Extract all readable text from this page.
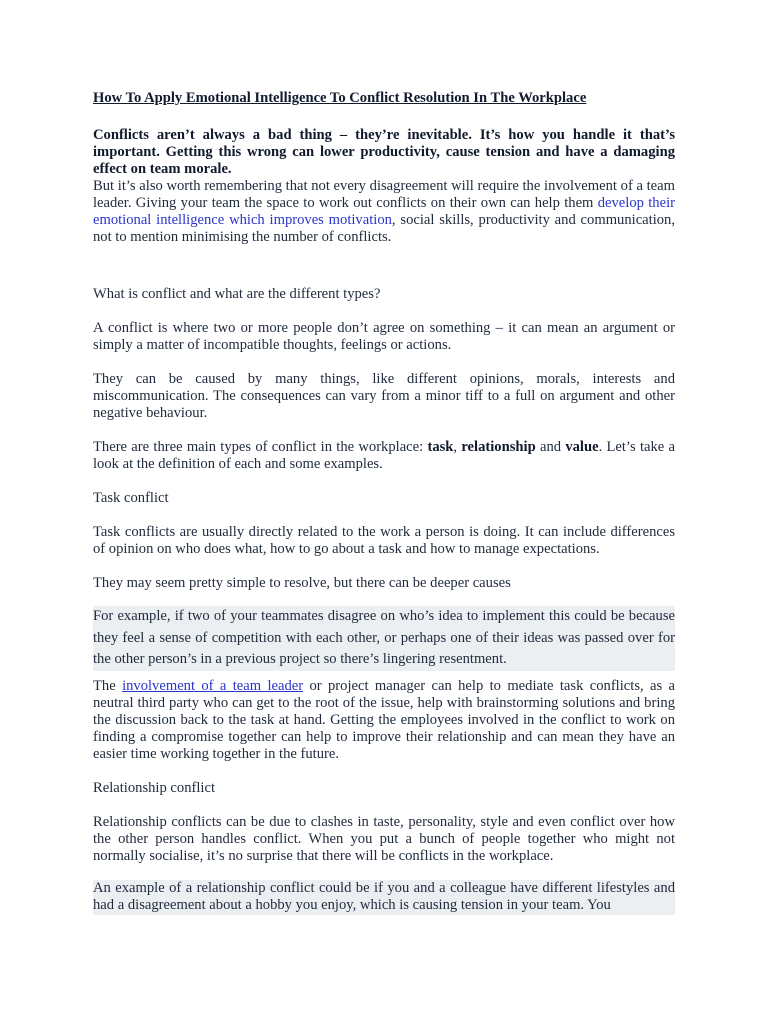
How To Apply Emotional Intelligence To Conflict Resolution In The Workplace

Conflicts aren’t always a bad thing – they’re inevitable. It’s how you handle it that’s important. Getting this wrong can lower productivity, cause tension and have a damaging effect on team morale.

But it’s also worth remembering that not every disagreement will require the involvement of a team leader. Giving your team the space to work out conflicts on their own can help them develop their emotional intelligence which improves motivation, social skills, productivity and communication, not to mention minimising the number of conflicts.

What is conflict and what are the different types?

A conflict is where two or more people don’t agree on something – it can mean an argument or simply a matter of incompatible thoughts, feelings or actions.

They can be caused by many things, like different opinions, morals, interests and miscommunication. The consequences can vary from a minor tiff to a full on argument and other negative behaviour.

There are three main types of conflict in the workplace: task, relationship and value. Let’s take a look at the definition of each and some examples.

Task conflict

Task conflicts are usually directly related to the work a person is doing. It can include differences of opinion on who does what, how to go about a task and how to manage expectations.

They may seem pretty simple to resolve, but there can be deeper causes

For example, if two of your teammates disagree on who’s idea to implement this could be because they feel a sense of competition with each other, or perhaps one of their ideas was passed over for the other person’s in a previous project so there’s lingering resentment.

The involvement of a team leader or project manager can help to mediate task conflicts, as a neutral third party who can get to the root of the issue, help with brainstorming solutions and bring the discussion back to the task at hand. Getting the employees involved in the conflict to work on finding a compromise together can help to improve their relationship and can mean they have an easier time working together in the future.

Relationship conflict

Relationship conflicts can be due to clashes in taste, personality, style and even conflict over how the other person handles conflict. When you put a bunch of people together who might not normally socialise, it’s no surprise that there will be conflicts in the workplace.

An example of a relationship conflict could be if you and a colleague have different lifestyles and had a disagreement about a hobby you enjoy, which is causing tension in your team. You
